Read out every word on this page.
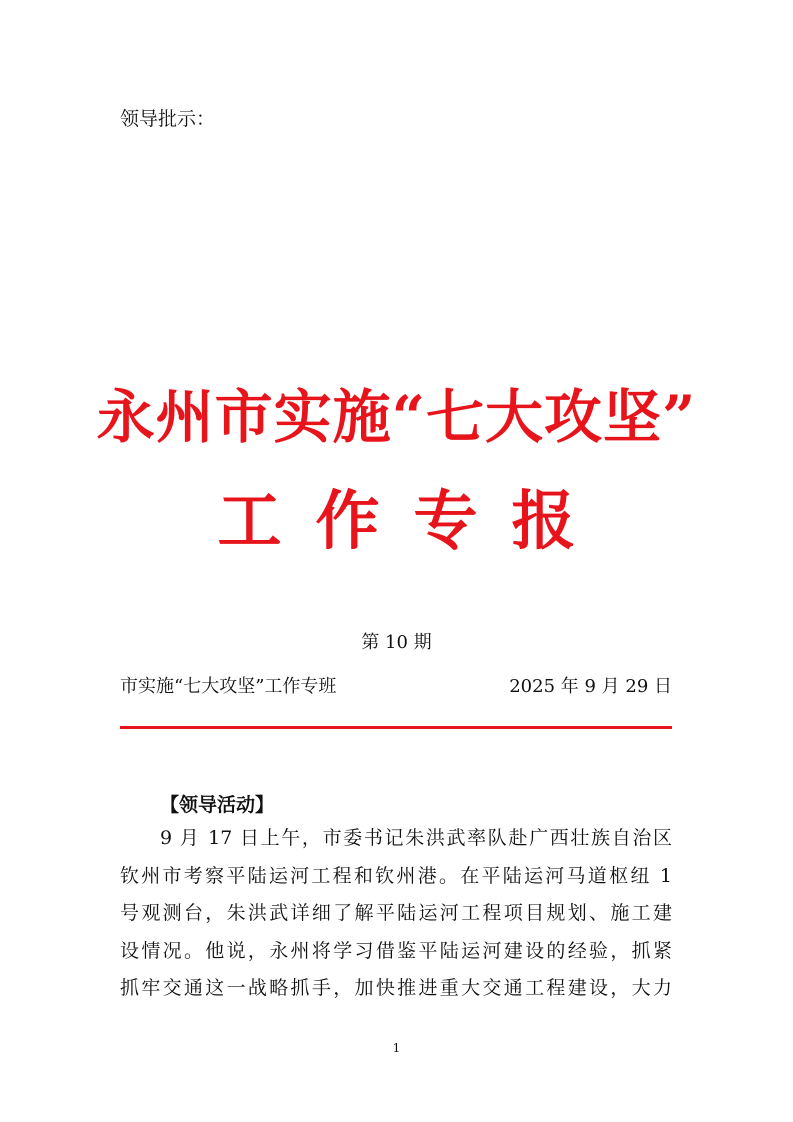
领导批示：
永州市实施“七大攻坚”
工作专报
第 10 期
市实施“七大攻坚”工作专班	2025 年 9 月 29 日
【领导活动】
9 月 17 日上午，市委书记朱洪武率队赴广西壮族自治区
钦州市考察平陆运河工程和钦州港。在平陆运河马道枢纽 1
号观测台，朱洪武详细了解平陆运河工程项目规划、施工建
设情况。他说，永州将学习借鉴平陆运河建设的经验，抓紧
抓牢交通这一战略抓手，加快推进重大交通工程建设，大力
1
